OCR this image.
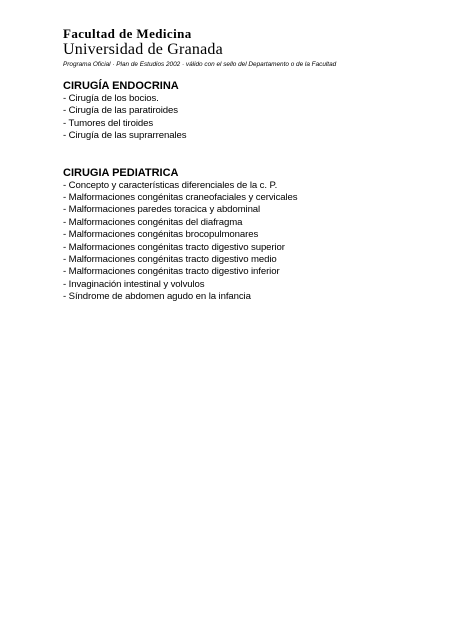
Facultad de Medicina

Universidad de Granada

Programa Oficial · Plan de Estudios 2002 · válido con el sello del Departamento o de la Facultad

CIRUGÍA ENDOCRINA

- Cirugía de los bocios.
- Cirugía de las paratiroides
- Tumores del tiroides
- Cirugía de las suprarrenales

CIRUGIA PEDIATRICA

- Concepto y características diferenciales de la c. P.
- Malformaciones congénitas craneofaciales y cervicales
- Malformaciones paredes toracica y abdominal
- Malformaciones congénitas del diafragma
- Malformaciones congénitas brocopulmonares
- Malformaciones congénitas tracto digestivo superior
- Malformaciones congénitas tracto digestivo medio
- Malformaciones congénitas tracto digestivo inferior
- Invaginación intestinal y volvulos
- Síndrome de abdomen agudo en la infancia
